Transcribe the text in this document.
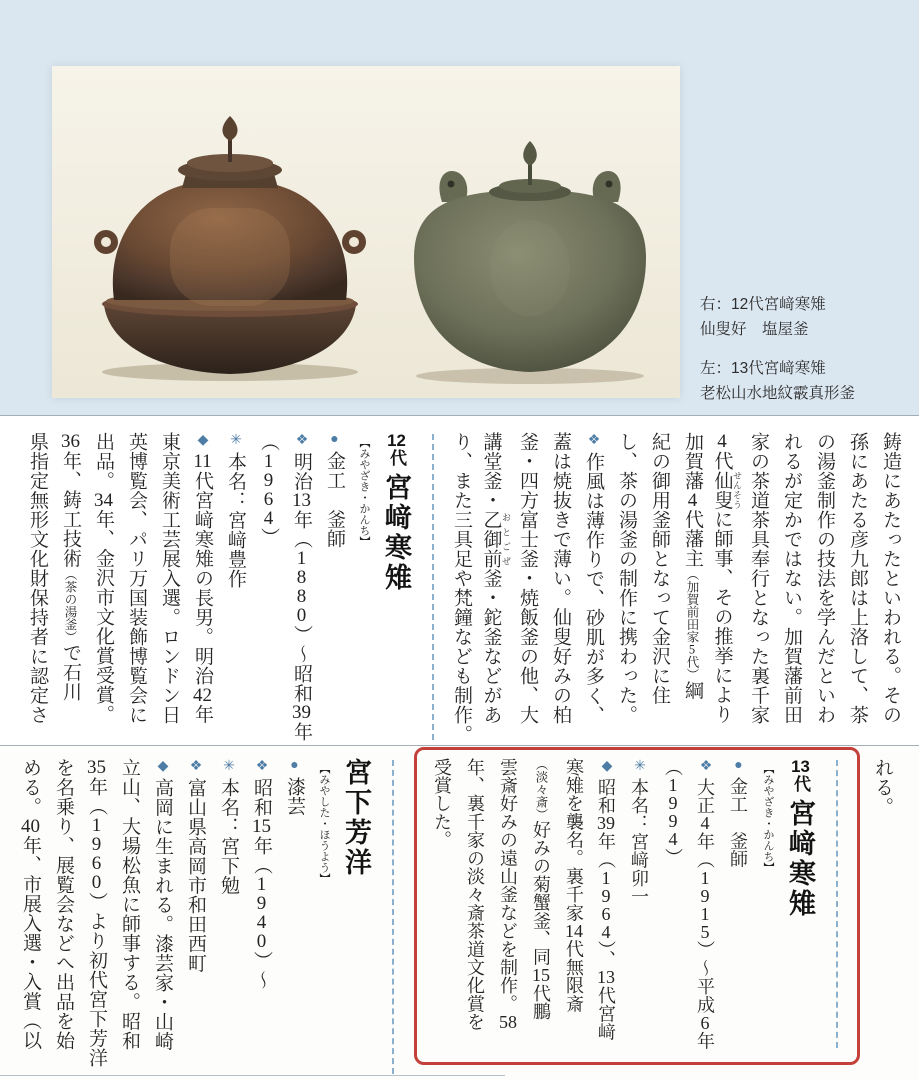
右：12代宮﨑寒雉
仙叟好　塩屋釜
左：13代宮﨑寒雉
老松山水地紋霰真形釜
鋳造にあたったといわれる。その
孫にあたる彦九郎は上洛して、茶
の湯釜制作の技法を学んだといわ
れるが定かではない。加賀藩前田
家の茶道茶具奉行となった裏千家
4代仙叟 せんそうに師事、その推挙により
加賀藩4代藩主（加賀前田家5代）綱
紀の御用釜師となって金沢に住
し、茶の湯釜の制作に携わった。
❖作風は薄作りで、砂肌が多く、
蓋は焼抜きで薄い。仙叟好みの柏
釜・四方富士釜・焼飯釜の他、大
講堂釜・乙御前 おとごぜ釜・鉈釜などがあ
り、また三具足や梵鐘なども制作。
12代宮﨑寒雉
【みやざき・かんち】
●金工　釜師
❖明治13年（1880）～昭和39年
（1964）
✳︎本名：宮﨑豊作
◆11代宮﨑寒雉の長男。明治42年
東京美術工芸展入選。ロンドン日
英博覧会、パリ万国装飾博覧会に
出品。34年、金沢市文化賞受賞。
36年、鋳工技術（茶の湯釜）で石川
県指定無形文化財保持者に認定さ
れる。
13代宮﨑寒雉
【みやざき・かんち】
●金工　釜師
❖大正4年（1915）～平成6年
（1994）
✳︎本名：宮﨑卯一
◆昭和39年（1964）、13代宮﨑
寒雉を襲名。裏千家14代無限斎
（淡々斎）好みの菊蟹釜、同15代鵬
雲斎好みの遠山釜などを制作。58
年、裏千家の淡々斎茶道文化賞を
受賞した。
宮下芳洋
【みやした・ほうよう】
●漆芸
❖昭和15年（1940）～
✳︎本名：宮下勉
❖富山県高岡市和田西町
◆高岡に生まれる。漆芸家・山崎
立山、大場松魚に師事する。昭和
35年（1960）より初代宮下芳洋
を名乗り、展覧会などへ出品を始
める。40年、市展入選・入賞（以
